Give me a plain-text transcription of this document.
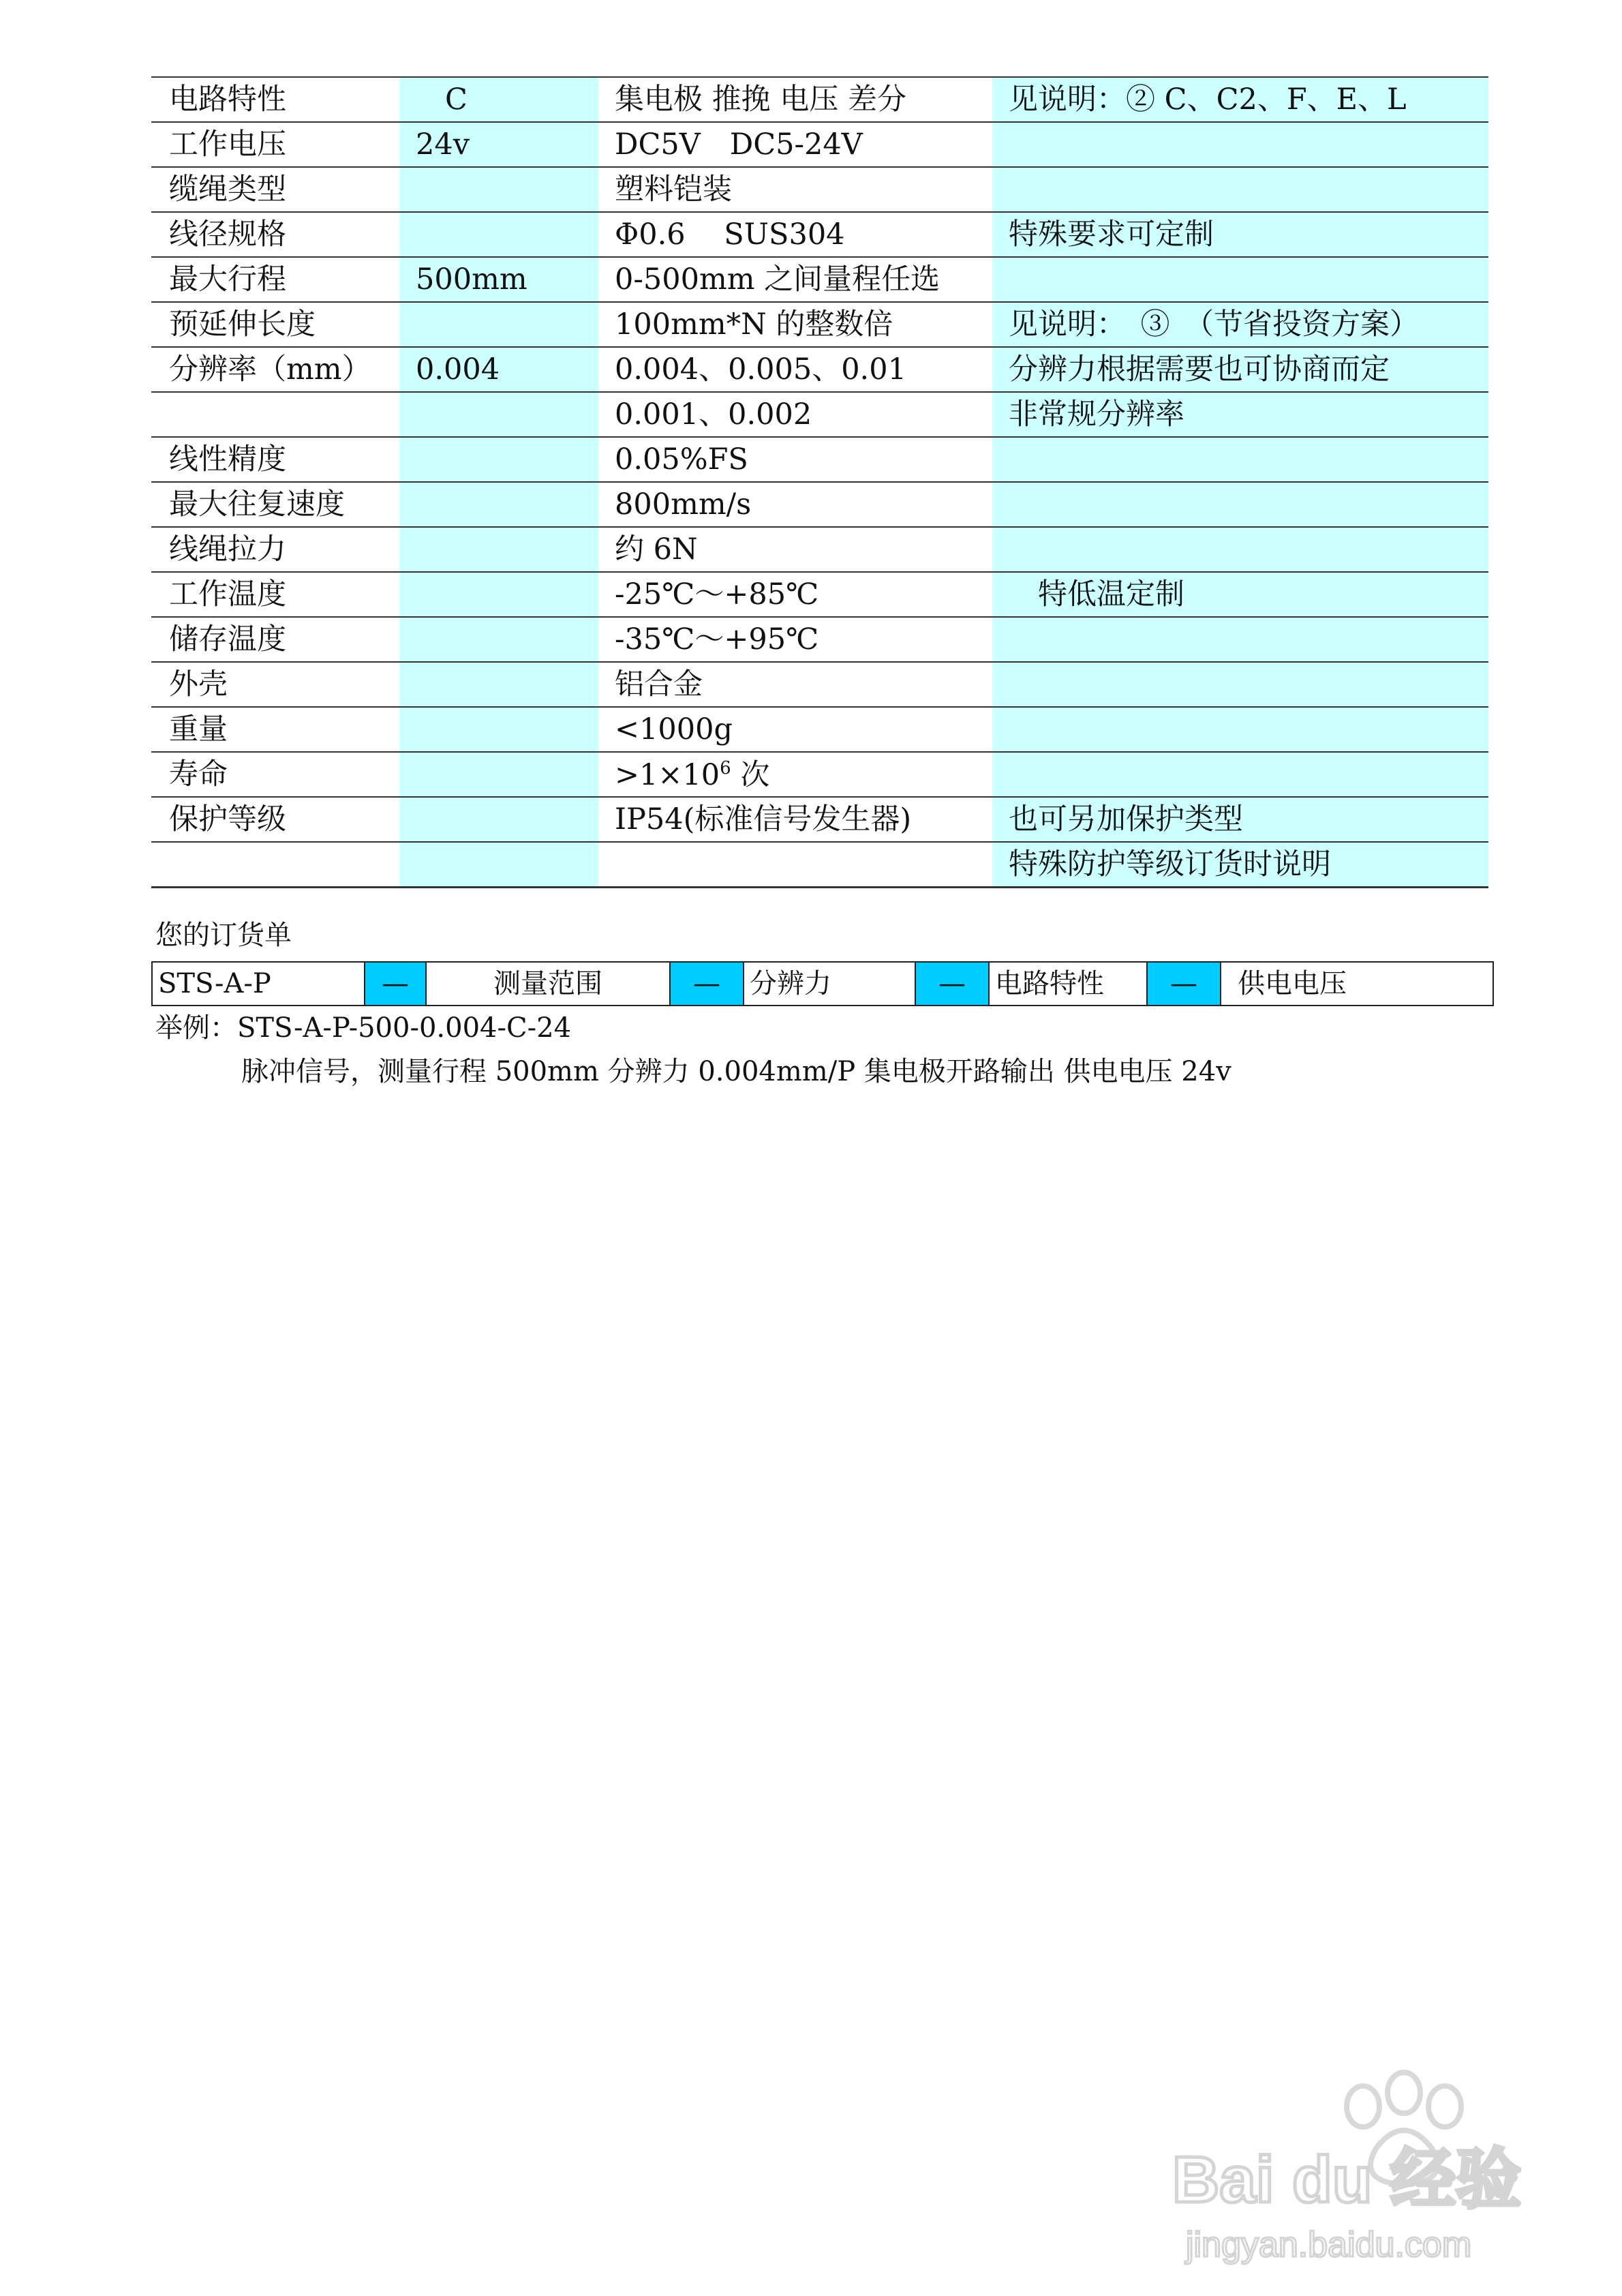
电路特性	　C	集电极 推挽 电压 差分	见说明：② C、C2、F、E、L
工作电压	24v	DC5V　DC5-24V	
缆绳类型		塑料铠装	
线径规格		Φ0.6　 SUS304	特殊要求可定制
最大行程	500mm	0-500mm 之间量程任选	
预延伸长度		100mm*N 的整数倍	见说明：　③　（节省投资方案）
分辨率（mm）	0.004	0.004、0.005、0.01	分辨力根据需要也可协商而定
		0.001、0.002	非常规分辨率
线性精度		0.05%FS	
最大往复速度		800mm/s	
线绳拉力		约 6N	
工作温度		-25℃～+85℃	　特低温定制
储存温度		-35℃～+95℃	
外壳		铝合金	
重量		<1000g	
寿命		$>1\times 10^6$ 次	
保护等级		IP54(标准信号发生器)	也可另加保护类型
			特殊防护等级订货时说明
您的订货单
STS-A-P	—	测量范围	—	分辨力	—	电路特性	—	供电电压
举例：STS-A-P-500-0.004-C-24
脉冲信号，测量行程 500mm 分辨力 0.004mm/P 集电极开路输出 供电电压 24v
Bai du 经验
jingyan.baidu.com
